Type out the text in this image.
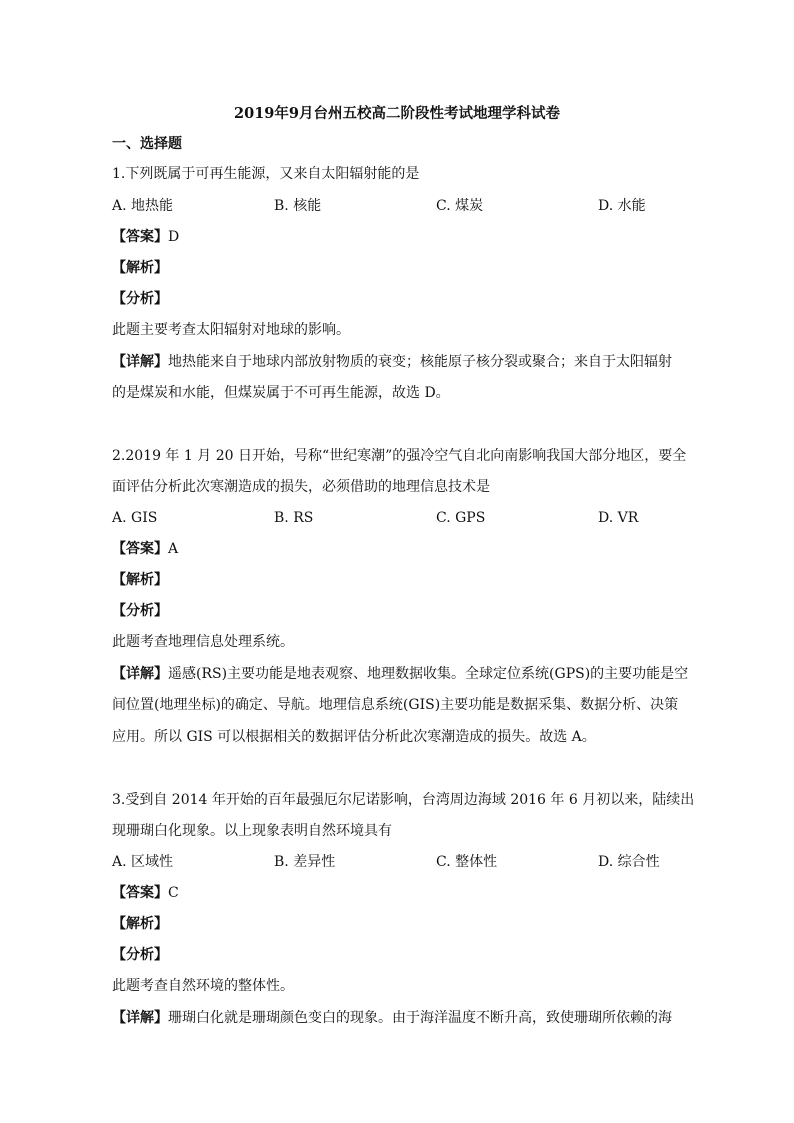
2019年9月台州五校高二阶段性考试地理学科试卷
一、选择题
1.下列既属于可再生能源，又来自太阳辐射能的是
A. 地热能	B. 核能	C. 煤炭	D. 水能
【答案】D
【解析】
【分析】
此题主要考查太阳辐射对地球的影响。
【详解】地热能来自于地球内部放射物质的衰变；核能原子核分裂或聚合；来自于太阳辐射
的是煤炭和水能，但煤炭属于不可再生能源，故选 D。
2.2019 年 1 月 20 日开始，号称“世纪寒潮”的强冷空气自北向南影响我国大部分地区，要全
面评估分析此次寒潮造成的损失，必须借助的地理信息技术是
A. GIS	B. RS	C. GPS	D. VR
【答案】A
【解析】
【分析】
此题考查地理信息处理系统。
【详解】遥感(RS)主要功能是地表观察、地理数据收集。全球定位系统(GPS)的主要功能是空
间位置(地理坐标)的确定、导航。地理信息系统(GIS)主要功能是数据采集、数据分析、决策
应用。所以 GIS 可以根据相关的数据评估分析此次寒潮造成的损失。故选 A。
3.受到自 2014 年开始的百年最强厄尔尼诺影响，台湾周边海域 2016 年 6 月初以来，陆续出
现珊瑚白化现象。以上现象表明自然环境具有
A. 区域性	B. 差异性	C. 整体性	D. 综合性
【答案】C
【解析】
【分析】
此题考查自然环境的整体性。
【详解】珊瑚白化就是珊瑚颜色变白的现象。由于海洋温度不断升高，致使珊瑚所依赖的海
